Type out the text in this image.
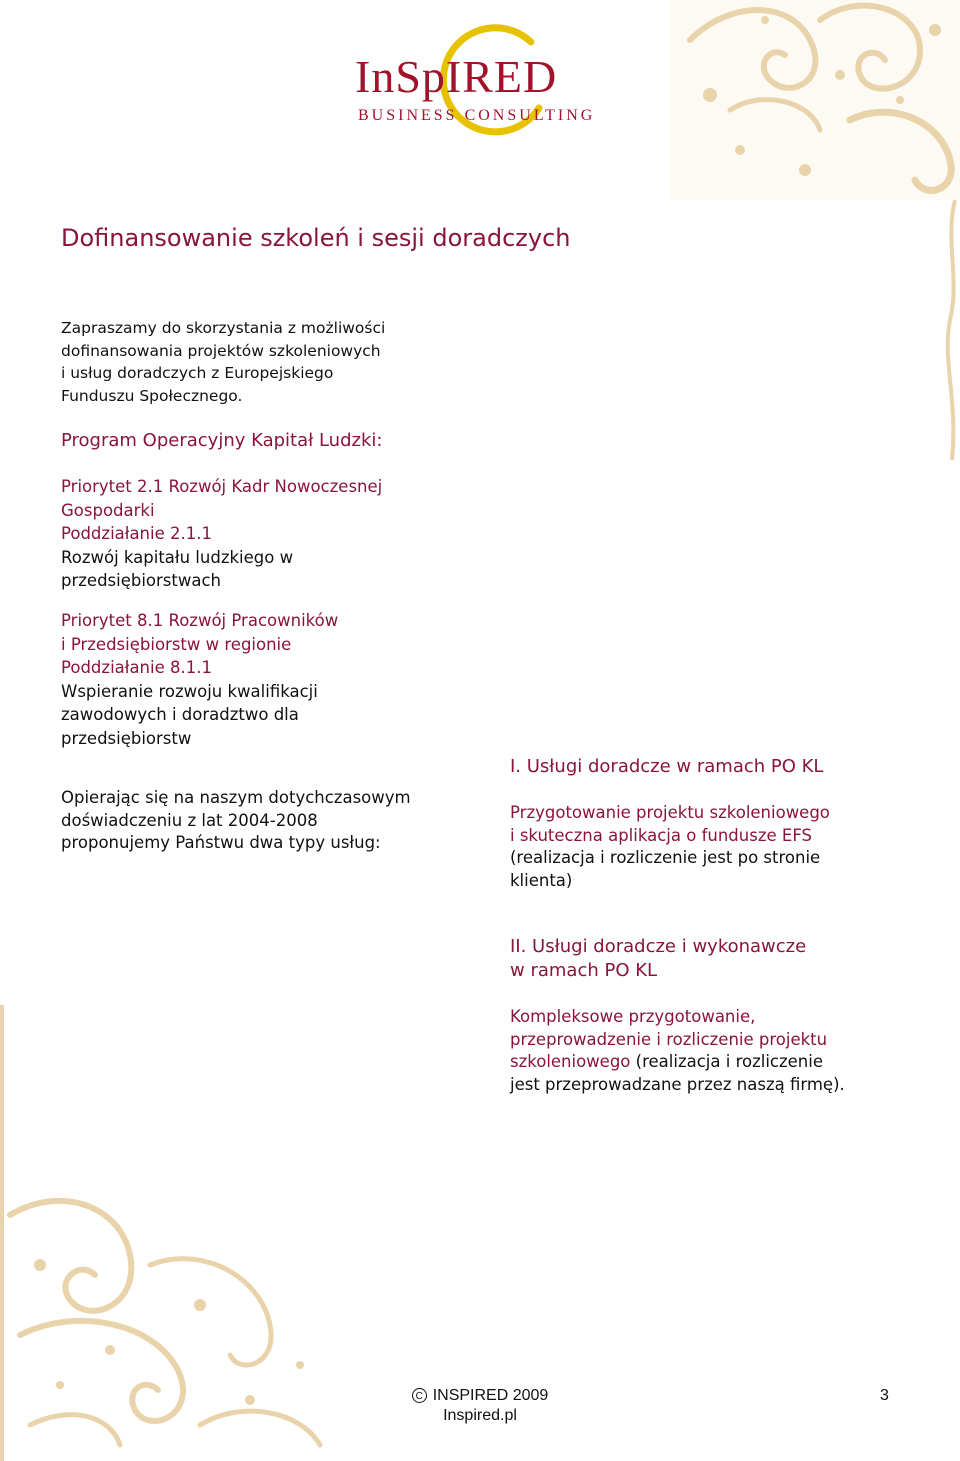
InSpIRED
BUSINESS CONSULTING
Dofinansowanie szkoleń i sesji doradczych
Zapraszamy do skorzystania z możliwości
dofinansowania projektów szkoleniowych
i usług doradczych z Europejskiego
Funduszu Społecznego.
Program Operacyjny Kapitał Ludzki:
Priorytet 2.1 Rozwój Kadr Nowoczesnej
Gospodarki
Poddziałanie 2.1.1
Rozwój kapitału ludzkiego w
przedsiębiorstwach
Priorytet 8.1 Rozwój Pracowników
i Przedsiębiorstw w regionie
Poddziałanie 8.1.1
Wspieranie rozwoju kwalifikacji
zawodowych i doradztwo dla
przedsiębiorstw
Opierając się na naszym dotychczasowym
doświadczeniu z lat 2004-2008
proponujemy Państwu dwa typy usług:
I. Usługi doradcze w ramach PO KL
Przygotowanie projektu szkoleniowego
i skuteczna aplikacja o fundusze EFS
(realizacja i rozliczenie jest po stronie
klienta)
II. Usługi doradcze i wykonawcze
w ramach PO KL
Kompleksowe przygotowanie,
przeprowadzenie i rozliczenie projektu
szkoleniowego (realizacja i rozliczenie
jest przeprowadzane przez naszą firmę).
C INSPIRED 2009
Inspired.pl
3
